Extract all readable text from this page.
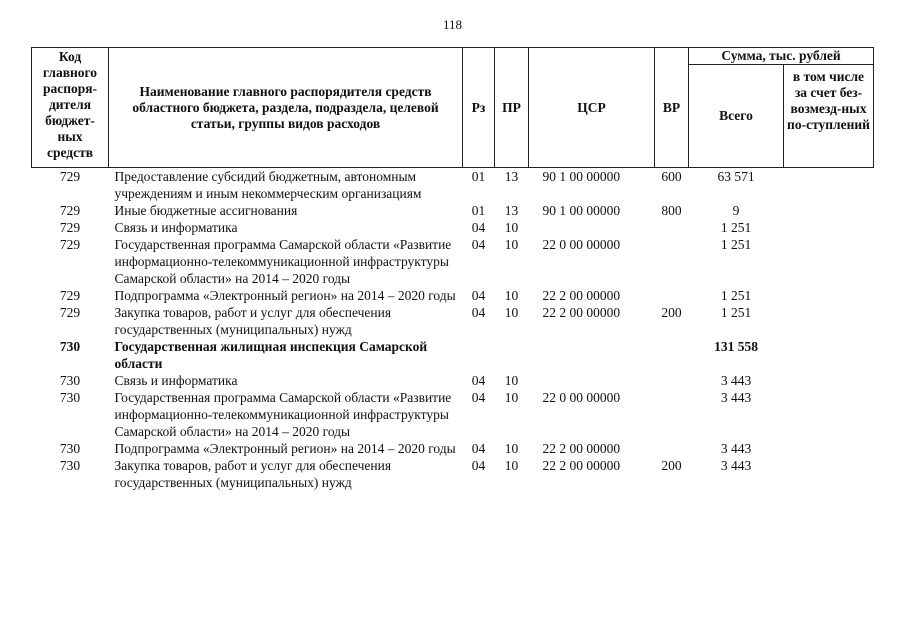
118
Код главного распоря-дителя бюджет-ных средств	Наименование главного распорядителя средств областного бюджета, раздела, подраздела, целевой статьи, группы видов расходов	Рз	ПР	ЦСР	ВР	Сумма, тыс. рублей	
						Всего	в том числе за счет без-возмезд-ных по-ступлений
729	Предоставление субсидий бюджетным, автономным учреждениям и иным некоммерческим организациям	01	13	90 1 00 00000	600	63 571	
729	Иные бюджетные ассигнования	01	13	90 1 00 00000	800	9	
729	Связь и информатика	04	10			1 251	
729	Государственная программа Самарской области «Развитие информационно-телекоммуникационной инфраструктуры Самарской области» на 2014 – 2020 годы	04	10	22 0 00 00000		1 251	
729	Подпрограмма «Электронный регион» на 2014 – 2020 годы	04	10	22 2 00 00000		1 251	
729	Закупка товаров, работ и услуг для обеспечения государственных (муниципальных) нужд	04	10	22 2 00 00000	200	1 251	
730	Государственная жилищная инспекция Самарской области					131 558	
730	Связь и информатика	04	10			3 443	
730	Государственная программа Самарской области «Развитие информационно-телекоммуникационной инфраструктуры Самарской области» на 2014 – 2020 годы	04	10	22 0 00 00000		3 443	
730	Подпрограмма «Электронный регион» на 2014 – 2020 годы	04	10	22 2 00 00000		3 443	
730	Закупка товаров, работ и услуг для обеспечения государственных (муниципальных) нужд	04	10	22 2 00 00000	200	3 443	
